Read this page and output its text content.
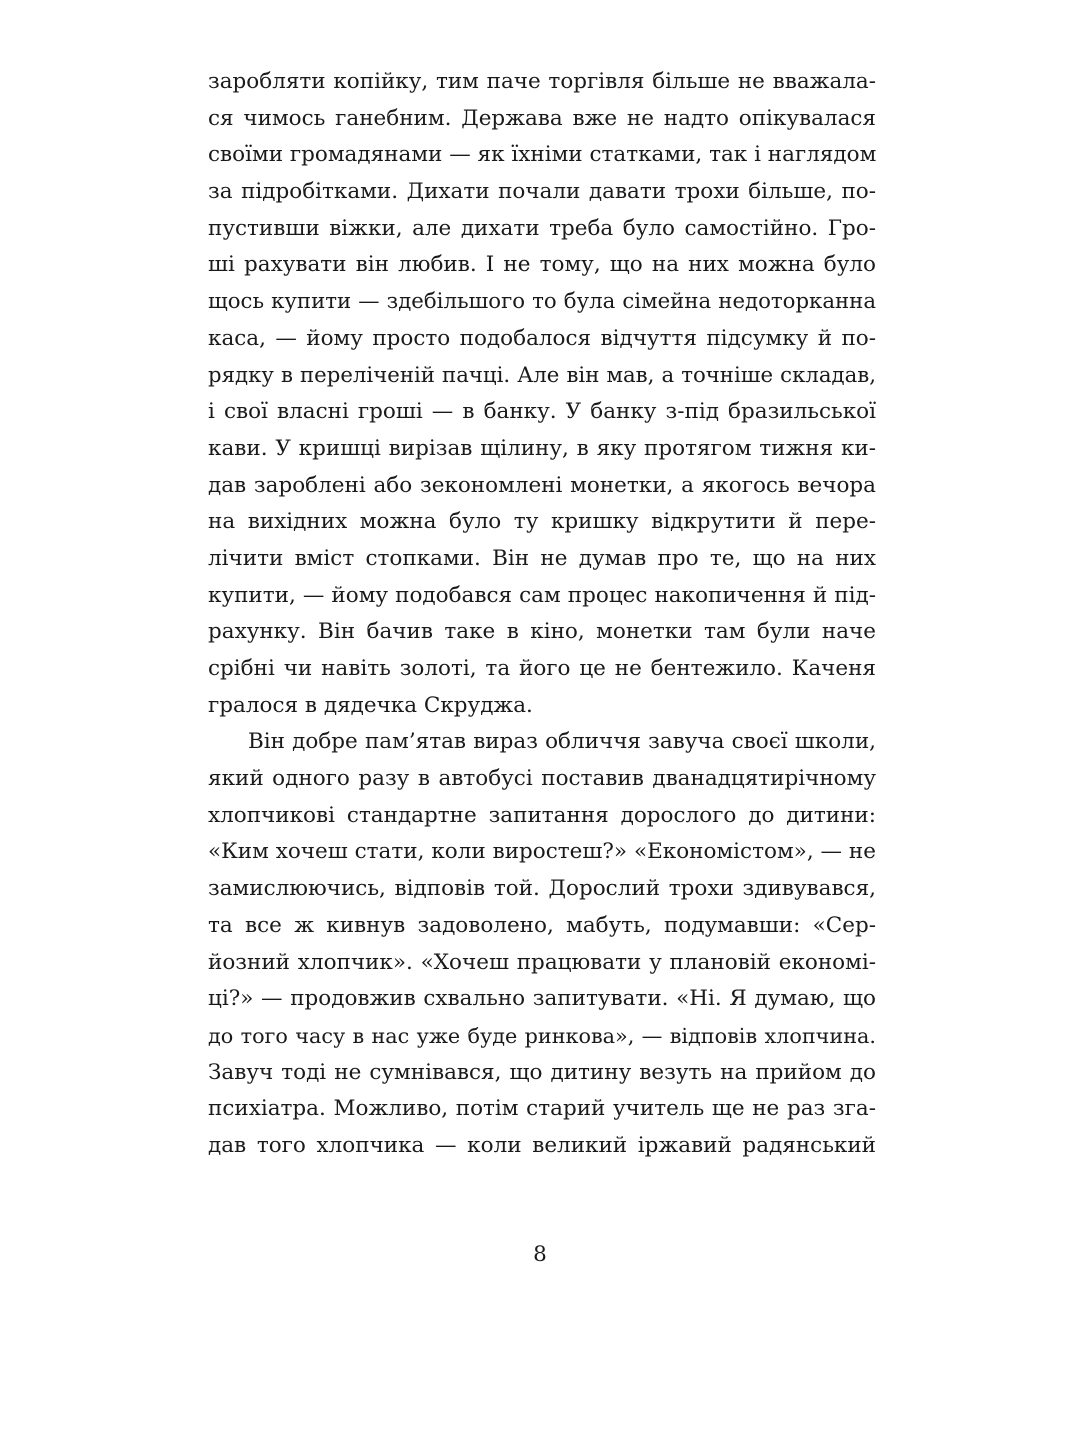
заробляти копійку, тим паче торгівля більше не вважала-
ся чимось ганебним. Держава вже не надто опікувалася
своїми громадянами — як їхніми статками, так і наглядом
за підробітками. Дихати почали давати трохи більше, по-
пустивши віжки, але дихати треба було самостійно. Гро-
ші рахувати він любив. І не тому, що на них можна було
щось купити — здебільшого то була сімейна недоторканна
каса, — йому просто подобалося відчуття підсумку й по-
рядку в переліченій пачці. Але він мав, а точніше складав,
і свої власні гроші — в банку. У банку з-під бразильської
кави. У кришці вирізав щілину, в яку протягом тижня ки-
дав зароблені або зекономлені монетки, а якогось вечора
на вихідних можна було ту кришку відкрутити й пере-
лічити вміст стопками. Він не думав про те, що на них
купити, — йому подобався сам процес накопичення й під-
рахунку. Він бачив таке в кіно, монетки там були наче
срібні чи навіть золоті, та його це не бентежило. Каченя
гралося в дядечка Скруджа.
Він добре пам’ятав вираз обличчя завуча своєї школи,
який одного разу в автобусі поставив дванадцятирічному
хлопчикові стандартне запитання дорослого до дитини:
«Ким хочеш стати, коли виростеш?» «Економістом», — не
замислюючись, відповів той. Дорослий трохи здивувався,
та все ж кивнув задоволено, мабуть, подумавши: «Сер-
йозний хлопчик». «Хочеш працювати у плановій економі-
ці?» — продовжив схвально запитувати. «Ні. Я думаю, що
до того часу в нас уже буде ринкова», — відповів хлопчина.
Завуч тоді не сумнівався, що дитину везуть на прийом до
психіатра. Можливо, потім старий учитель ще не раз зга-
дав того хлопчика — коли великий іржавий радянський
8
